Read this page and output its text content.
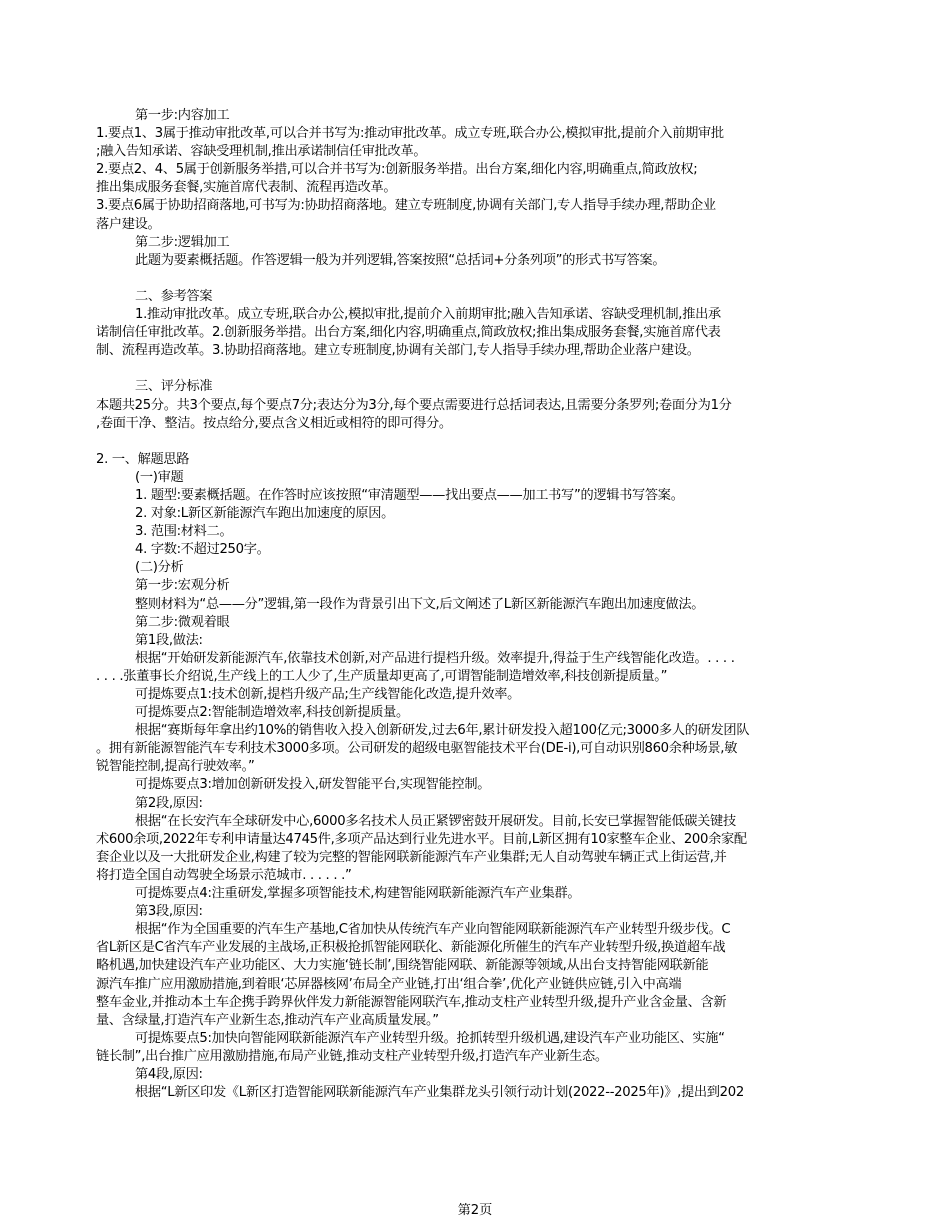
第一步:内容加工
1.要点1、3属于推动审批改革,可以合并书写为:推动审批改革。成立专班,联合办公,模拟审批,提前介入前期审批
;融入告知承诺、容缺受理机制,推出承诺制信任审批改革。
2.要点2、4、5属于创新服务举措,可以合并书写为:创新服务举措。出台方案,细化内容,明确重点,简政放权;
推出集成服务套餐,实施首席代表制、流程再造改革。
3.要点6属于协助招商落地,可书写为:协助招商落地。建立专班制度,协调有关部门,专人指导手续办理,帮助企业
落户建设。
第二步:逻辑加工
此题为要素概括题。作答逻辑一般为并列逻辑,答案按照“总括词+分条列项”的形式书写答案。
二、参考答案
1.推动审批改革。成立专班,联合办公,模拟审批,提前介入前期审批;融入告知承诺、容缺受理机制,推出承
诺制信任审批改革。2.创新服务举措。出台方案,细化内容,明确重点,简政放权;推出集成服务套餐,实施首席代表
制、流程再造改革。3.协助招商落地。建立专班制度,协调有关部门,专人指导手续办理,帮助企业落户建设。
三、评分标准
本题共25分。共3个要点,每个要点7分;表达分为3分,每个要点需要进行总括词表达,且需要分条罗列;卷面分为1分
,卷面干净、整洁。按点给分,要点含义相近或相符的即可得分。
2. 一、解题思路
(一)审题
1. 题型:要素概括题。在作答时应该按照“审清题型——找出要点——加工书写”的逻辑书写答案。
2. 对象:L新区新能源汽车跑出加速度的原因。
3. 范围:材料二。
4. 字数:不超过250字。
(二)分析
第一步:宏观分析
整则材料为“总——分”逻辑,第一段作为背景引出下文,后文阐述了L新区新能源汽车跑出加速度做法。
第二步:微观着眼
第1段,做法:
根据“开始研发新能源汽车,依靠技术创新,对产品进行提档升级。效率提升,得益于生产线智能化改造。. . . .
. . . .张董事长介绍说,生产线上的工人少了,生产质量却更高了,可谓智能制造增效率,科技创新提质量。”
可提炼要点1:技术创新,提档升级产品;生产线智能化改造,提升效率。
可提炼要点2:智能制造增效率,科技创新提质量。
根据“赛斯每年拿出约10%的销售收入投入创新研发,过去6年,累计研发投入超100亿元;3000多人的研发团队
。拥有新能源智能汽车专利技术3000多项。公司研发的超级电驱智能技术平台(DE-i),可自动识别860余种场景,敏
锐智能控制,提高行驶效率。”
可提炼要点3:增加创新研发投入,研发智能平台,实现智能控制。
第2段,原因:
根据“在长安汽车全球研发中心,6000多名技术人员正紧锣密鼓开展研发。目前,长安已掌握智能低碳关键技
术600余项,2022年专利申请量达4745件,多项产品达到行业先进水平。目前,L新区拥有10家整车企业、200余家配
套企业以及一大批研发企业,构建了较为完整的智能网联新能源汽车产业集群;无人自动驾驶车辆正式上街运营,并
将打造全国自动驾驶全场景示范城市. . . . . .”
可提炼要点4:注重研发,掌握多项智能技术,构建智能网联新能源汽车产业集群。
第3段,原因:
根据“作为全国重要的汽车生产基地,C省加快从传统汽车产业向智能网联新能源汽车产业转型升级步伐。C
省L新区是C省汽车产业发展的主战场,正积极抢抓智能网联化、新能源化所催生的汽车产业转型升级,换道超车战
略机遇,加快建设汽车产业功能区、大力实施‘链长制’,围绕智能网联、新能源等领域,从出台支持智能网联新能
源汽车推广应用激励措施,到着眼‘芯屏器核网’布局全产业链,打出‘组合拳’,优化产业链供应链,引入中高端
整车金业,并推动本土车企携手跨界伙伴发力新能源智能网联汽车,推动支柱产业转型升级,提升产业含金量、含新
量、含绿量,打造汽车产业新生态,推动汽车产业高质量发展。”
可提炼要点5:加快向智能网联新能源汽车产业转型升级。抢抓转型升级机遇,建设汽车产业功能区、实施“
链长制”,出台推广应用激励措施,布局产业链,推动支柱产业转型升级,打造汽车产业新生态。
第4段,原因:
根据“L新区印发《L新区打造智能网联新能源汽车产业集群龙头引领行动计划(2022--2025年)》,提出到202
第2页
